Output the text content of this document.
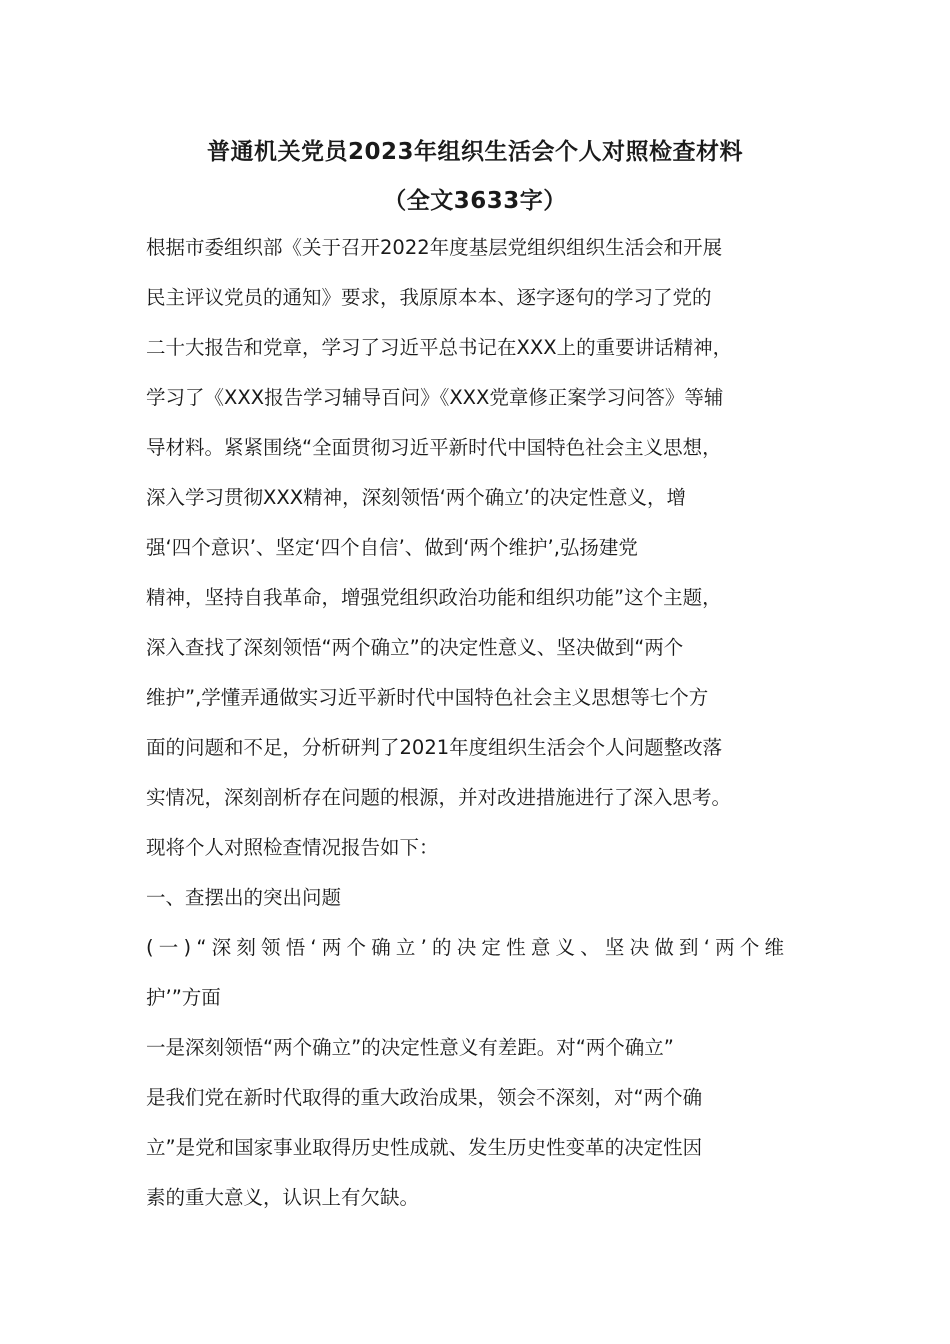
普通机关党员2023年组织生活会个人对照检查材料
（全文3633字）
根据市委组织部《关于召开2022年度基层党组织组织生活会和开展
民主评议党员的通知》要求，我原原本本、逐字逐句的学习了党的
二十大报告和党章，学习了习近平总书记在XXX上的重要讲话精神，
学习了《XXX报告学习辅导百问》《XXX党章修正案学习问答》等辅
导材料。紧紧围绕“全面贯彻习近平新时代中国特色社会主义思想，
深入学习贯彻XXX精神，深刻领悟‘两个确立’的决定性意义，增
强‘四个意识’、坚定‘四个自信’、做到‘两个维护’,弘扬建党
精神，坚持自我革命，增强党组织政治功能和组织功能”这个主题，
深入查找了深刻领悟“两个确立”的决定性意义、坚决做到“两个
维护”,学懂弄通做实习近平新时代中国特色社会主义思想等七个方
面的问题和不足，分析研判了2021年度组织生活会个人问题整改落
实情况，深刻剖析存在问题的根源，并对改进措施进行了深入思考。
现将个人对照检查情况报告如下：
一、查摆出的突出问题
(一)“深刻领悟‘两个确立’的决定性意义、坚决做到‘两个维
护’”方面
一是深刻领悟“两个确立”的决定性意义有差距。对“两个确立”
是我们党在新时代取得的重大政治成果，领会不深刻，对“两个确
立”是党和国家事业取得历史性成就、发生历史性变革的决定性因
素的重大意义，认识上有欠缺。
